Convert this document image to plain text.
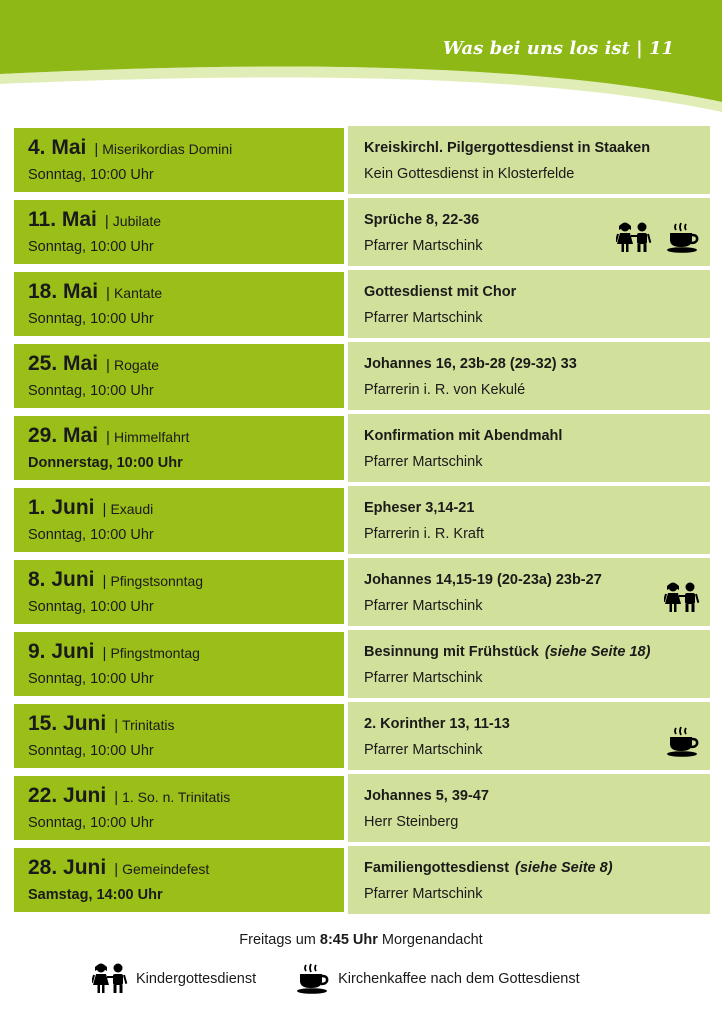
Was bei uns los ist | 11
4. Mai | Miserikordias Domini
Sonntag, 10:00 Uhr
Kreiskirchl. Pilgergottesdienst in Staaken
Kein Gottesdienst in Klosterfelde
11. Mai | Jubilate
Sonntag, 10:00 Uhr
Sprüche 8, 22-36
Pfarrer Martschink
18. Mai | Kantate
Sonntag, 10:00 Uhr
Gottesdienst mit Chor
Pfarrer Martschink
25. Mai | Rogate
Sonntag, 10:00 Uhr
Johannes 16, 23b-28 (29-32) 33
Pfarrerin i. R. von Kekulé
29. Mai | Himmelfahrt
Donnerstag, 10:00 Uhr
Konfirmation mit Abendmahl
Pfarrer Martschink
1. Juni | Exaudi
Sonntag, 10:00 Uhr
Epheser 3,14-21
Pfarrerin i. R. Kraft
8. Juni | Pfingstsonntag
Sonntag, 10:00 Uhr
Johannes 14,15-19 (20-23a) 23b-27
Pfarrer Martschink
9. Juni | Pfingstmontag
Sonntag, 10:00 Uhr
Besinnung mit Frühstück (siehe Seite 18)
Pfarrer Martschink
15. Juni | Trinitatis
Sonntag, 10:00 Uhr
2. Korinther 13, 11-13
Pfarrer Martschink
22. Juni | 1. So. n. Trinitatis
Sonntag, 10:00 Uhr
Johannes 5, 39-47
Herr Steinberg
28. Juni | Gemeindefest
Samstag, 14:00 Uhr
Familiengottesdienst (siehe Seite 8)
Pfarrer Martschink
Freitags um 8:45 Uhr Morgenandacht
Kindergottesdienst	Kirchenkaffee nach dem Gottesdienst
